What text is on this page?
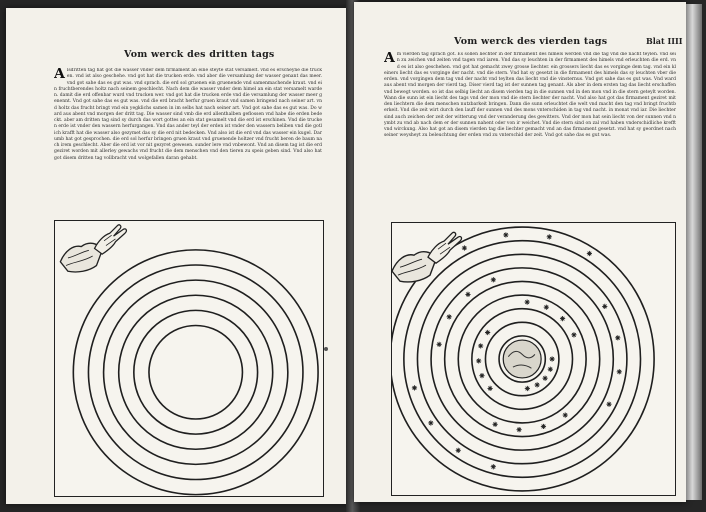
Vom werck des dritten tags

Alsdritten tag hat got die wasser vnder dem firmament an eine steyte stat versamelt. vnd es erscheyne die trucken. vnd ist also geschehe. vnd got hat die trucken erde. vnd aber die versamlung der wasser genant das meer. vnd got sahe das es gut was. vnd sprach. die erd sol gruenen ein gruenende vnd samenmachende kraut. vnd ein fruchtberendes holtz nach seinem geschlecht. Nach dem die wasser vnder dem himel an ein stat versamelt warden. damit die erd offenbar wurd vnd trucken wer. vnd got hat die trucken erde vnd die versamlung der wasser meer genennt. Vnd got sahe das es gut was. vnd die erd bracht herfur gruen kraut vnd samen bringend nach seiner art. vnd holtz das frucht bringt vnd ein yegklichs samen in im selbs hat nach seiner art. Vnd got sahe das es gut was. Do ward aus abent vnd morgen der dritt tag. Die wasser sind vmb die erd allenthalben geflossen vnd habe die erden bedeckt. aber am dritten tag sind sy durch das wort gottes an ein stat gesamelt vnd die erd ist erschinen. Vnd die trucken erde ist vnder den wassern herfurgangen. Vnd das ander teyl der erden ist vnder den wassern beliben vnd die gotlich krafft hat die wasser also gezymet das sy die erd nit bedecken. Vnd also ist die erd vnd das wasser ein kugel. Darumb hat got gesprochen. die erd sol herfur bringen gruen kraut vnd gruenende holtzer vnd frucht beren de baum nach irem geschlecht. Aber die erd ist vor nit gezyret gewesen. sunder lere vnd vnbewont. Vnd an disem tag ist die erd geziret worden mit allerley gewachs vnd frucht die dem menschen vnd den tieren zu speis geben sind. Vnd also hat got disem dritten tag vollbracht vnd wolgefallen daran gehabt.

Vom werck des vierden tags	Blat IIII

Am vierden tag sprach got. Es sollen liechter in der firmament des himels werden vnd die tag vnd die nacht teylen. vnd sein zu zeichen vnd zeiten vnd tagen vnd iaren. Vnd das sy leuchten in der firmament des himels vnd erleuchten die erd. vnd es ist also geschehen. vnd got hat gemacht zwey grosse liechter. ein grossers liecht das es vorginge dem tag. vnd ein kleiners liecht das es vorginge der nacht. vnd die stern. Vnd hat sy gesetzt in die firmament des himels das sy leuchten vber die erden. vnd vorgingen dem tag vnd der nacht vnd teylten das liecht vnd die vinsternus. Vnd got sahe das es gut was. Vnd ward aus abent vnd morgen der vierd tag. Diser vierd tag ist der sunnen tag genant. Als aber in dem ersten tag das liecht erschaffen vnd bewegt worden. so ist das selbig liecht an disem vierden tag in die sunnen vnd in den mon vnd in die stern geteylt worden. Wann die sunn ist ein liecht des tags vnd der mon vnd die stern liechter der nacht. Vnd also hat got das firmament geziret mit den liechtern die dem menschen nutzbarkeit bringen. Dann die sunn erleuchtet die welt vnd macht den tag vnd bringt fruchtberkeit. Vnd die zeit wirt durch den lauff der sunnen vnd des mons vnterschiden in tag vnd nacht. in monat vnd iar. Die liechter sind auch zeichen der zeit der witterung vnd der veranderung des gewitters. Vnd der mon hat sein liecht von der sunnen vnd nymbt zu vnd ab nach dem er der sunnen nahent oder von ir weichet. Vnd die stern sind on zal vnd haben vnderschidliche krefft vnd wirckung. Also hat got an disem vierden tag die liechter gemacht vnd an das firmament gesetzt. vnd hat sy geordnet nach seiner weysheyt zu beleuchtung der erden vnd zu vnterschid der zeit. Vnd got sahe das es gut was.
